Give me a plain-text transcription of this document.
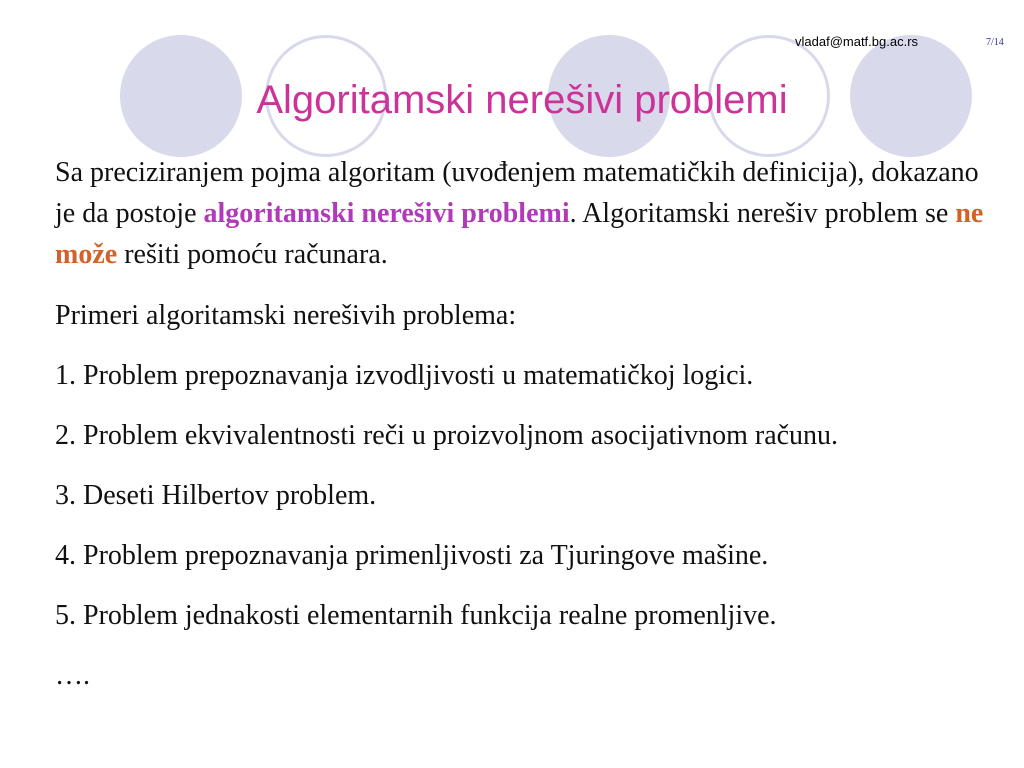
vladaf@matf.bg.ac.rs	7/14
Algoritamski nerešivi problemi

Sa preciziranjem pojma algoritam (uvođenjem matematičkih definicija), dokazano je da postoje algoritamski nerešivi problemi. Algoritamski nerešiv problem se ne može rešiti pomoću računara.

Primeri algoritamski nerešivih problema:

1. Problem prepoznavanja izvodljivosti u matematičkoj logici.

2. Problem ekvivalentnosti reči u proizvoljnom asocijativnom računu.

3. Deseti Hilbertov problem.

4. Problem prepoznavanja primenljivosti za Tjuringove mašine.

5. Problem jednakosti elementarnih funkcija realne promenljive.

….
